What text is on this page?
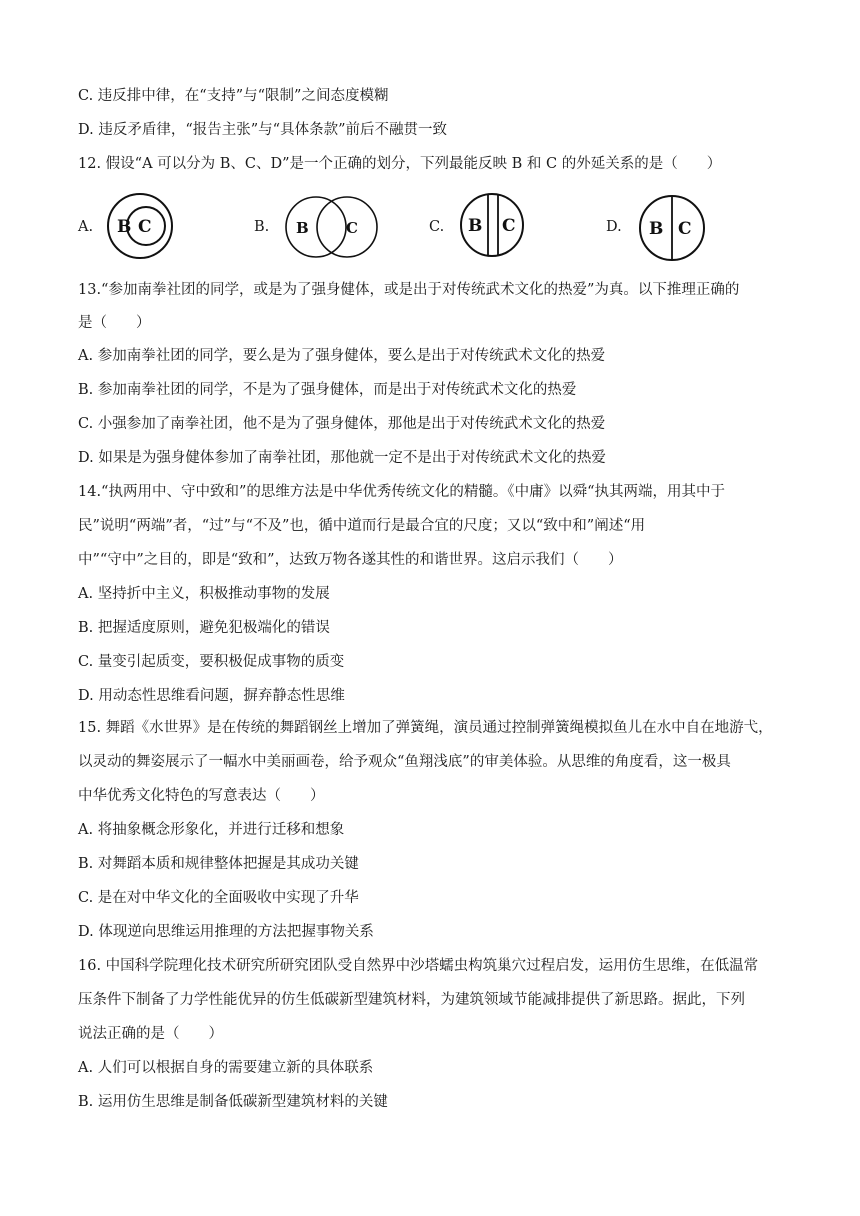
C. 违反排中律，在“支持”与“限制”之间态度模糊
D. 违反矛盾律，“报告主张”与“具体条款”前后不融贯一致
12. 假设“A 可以分为 B、C、D”是一个正确的划分，下列最能反映 B 和 C 的外延关系的是（　　）
A. B C	B. B C	C. B C	D. B C
13.“参加南拳社团的同学，或是为了强身健体，或是出于对传统武术文化的热爱”为真。以下推理正确的
是（　　）
A. 参加南拳社团的同学，要么是为了强身健体，要么是出于对传统武术文化的热爱
B. 参加南拳社团的同学，不是为了强身健体，而是出于对传统武术文化的热爱
C. 小强参加了南拳社团，他不是为了强身健体，那他是出于对传统武术文化的热爱
D. 如果是为强身健体参加了南拳社团，那他就一定不是出于对传统武术文化的热爱
14.“执两用中、守中致和”的思维方法是中华优秀传统文化的精髓。《中庸》以舜“执其两端，用其中于
民”说明“两端”者，“过”与“不及”也，循中道而行是最合宜的尺度；又以“致中和”阐述“用
中”“守中”之目的，即是“致和”，达致万物各遂其性的和谐世界。这启示我们（　　）
A. 坚持折中主义，积极推动事物的发展
B. 把握适度原则，避免犯极端化的错误
C. 量变引起质变，要积极促成事物的质变
D. 用动态性思维看问题，摒弃静态性思维
15. 舞蹈《水世界》是在传统的舞蹈钢丝上增加了弹簧绳，演员通过控制弹簧绳模拟鱼儿在水中自在地游弋，
以灵动的舞姿展示了一幅水中美丽画卷，给予观众“鱼翔浅底”的审美体验。从思维的角度看，这一极具
中华优秀文化特色的写意表达（　　）
A. 将抽象概念形象化，并进行迁移和想象
B. 对舞蹈本质和规律整体把握是其成功关键
C. 是在对中华文化的全面吸收中实现了升华
D. 体现逆向思维运用推理的方法把握事物关系
16. 中国科学院理化技术研究所研究团队受自然界中沙塔蠕虫构筑巢穴过程启发，运用仿生思维，在低温常
压条件下制备了力学性能优异的仿生低碳新型建筑材料，为建筑领域节能减排提供了新思路。据此，下列
说法正确的是（　　）
A. 人们可以根据自身的需要建立新的具体联系
B. 运用仿生思维是制备低碳新型建筑材料的关键
